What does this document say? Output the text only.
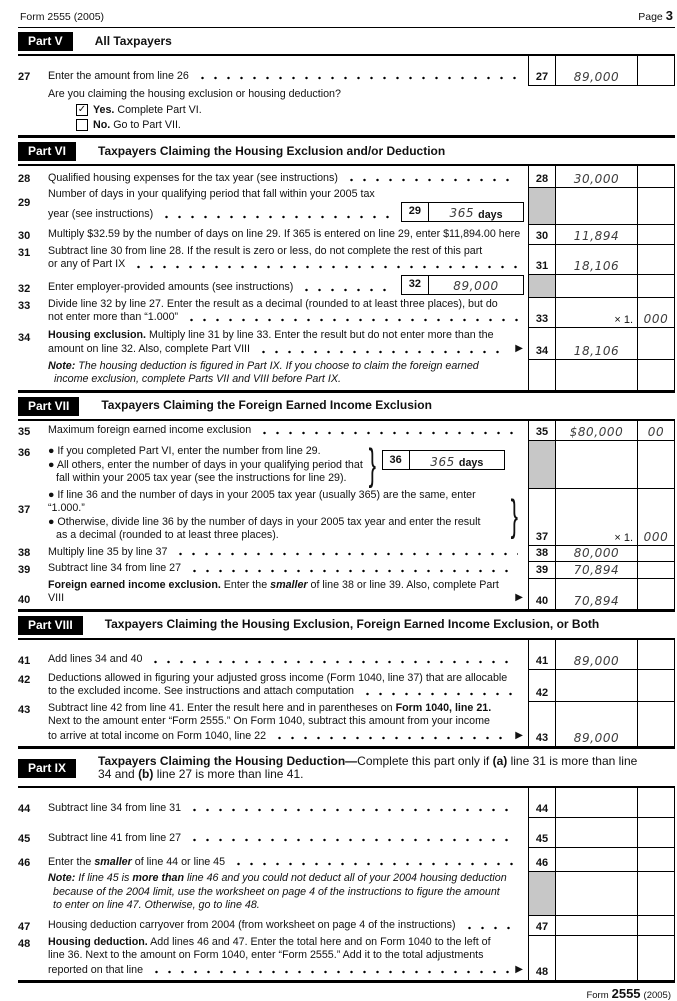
Form 2555 (2005)	Page 3
Part V	All Taxpayers
27	Enter the amount from line 26	27	89,000
Are you claiming the housing exclusion or housing deduction?
✓ Yes. Complete Part VI.
No. Go to Part VII.
Part VI	Taxpayers Claiming the Housing Exclusion and/or Deduction
28	Qualified housing expenses for the tax year (see instructions)	28	30,000
29
Number of days in your qualifying period that fall within your 2005 tax
year (see instructions)	29	365 days
30	Multiply $32.59 by the number of days on line 29. If 365 is entered on line 29, enter $11,894.00 here	30	11,894
31	Subtract line 30 from line 28. If the result is zero or less, do not complete the rest of this part
or any of Part IX	31	18,106
32	Enter employer-provided amounts (see instructions)	32	89,000
33	Divide line 32 by line 27. Enter the result as a decimal (rounded to at least three places), but do
not enter more than “1.000”	33	× 1. 000
34	Housing exclusion. Multiply line 31 by line 33. Enter the result but do not enter more than the
amount on line 32. Also, complete Part VIII	▶	34	18,106
Note: The housing deduction is figured in Part IX. If you choose to claim the foreign earned
income exclusion, complete Parts VII and VIII before Part IX.
Part VII	Taxpayers Claiming the Foreign Earned Income Exclusion
35	Maximum foreign earned income exclusion	35	$80,000 00
36	● If you completed Part VI, enter the number from line 29.
● All others, enter the number of days in your qualifying period that
fall within your 2005 tax year (see the instructions for line 29). }	36	365 days
37
● If line 36 and the number of days in your 2005 tax year (usually 365) are the same, enter “1.000.”
● Otherwise, divide line 36 by the number of days in your 2005 tax year and enter the result
as a decimal (rounded to at least three places).	}	37	× 1. 000
38	Multiply line 35 by line 37	38	80,000
39	Subtract line 34 from line 27	39	70,894
40
Foreign earned income exclusion. Enter the smaller of line 38 or line 39. Also, complete Part VIII	▶	40	70,894
Part VIII	Taxpayers Claiming the Housing Exclusion, Foreign Earned Income Exclusion, or Both
41	Add lines 34 and 40	41	89,000
42	Deductions allowed in figuring your adjusted gross income (Form 1040, line 37) that are allocable
to the excluded income. See instructions and attach computation	42
43	Subtract line 42 from line 41. Enter the result here and in parentheses on Form 1040, line 21.
Next to the amount enter “Form 2555.” On Form 1040, subtract this amount from your income
to arrive at total income on Form 1040, line 22	▶	43	89,000
Part IX	Taxpayers Claiming the Housing Deduction—Complete this part only if (a) line 31 is more than line
34 and (b) line 27 is more than line 41.
44	Subtract line 34 from line 31	44
45	Subtract line 41 from line 27	45
46	Enter the smaller of line 44 or line 45	46
Note: If line 45 is more than line 46 and you could not deduct all of your 2004 housing deduction
because of the 2004 limit, use the worksheet on page 4 of the instructions to figure the amount
to enter on line 47. Otherwise, go to line 48.
47	Housing deduction carryover from 2004 (from worksheet on page 4 of the instructions)	47
48	Housing deduction. Add lines 46 and 47. Enter the total here and on Form 1040 to the left of
line 36. Next to the amount on Form 1040, enter “Form 2555.” Add it to the total adjustments
reported on that line	▶	48
Form 2555 (2005)
